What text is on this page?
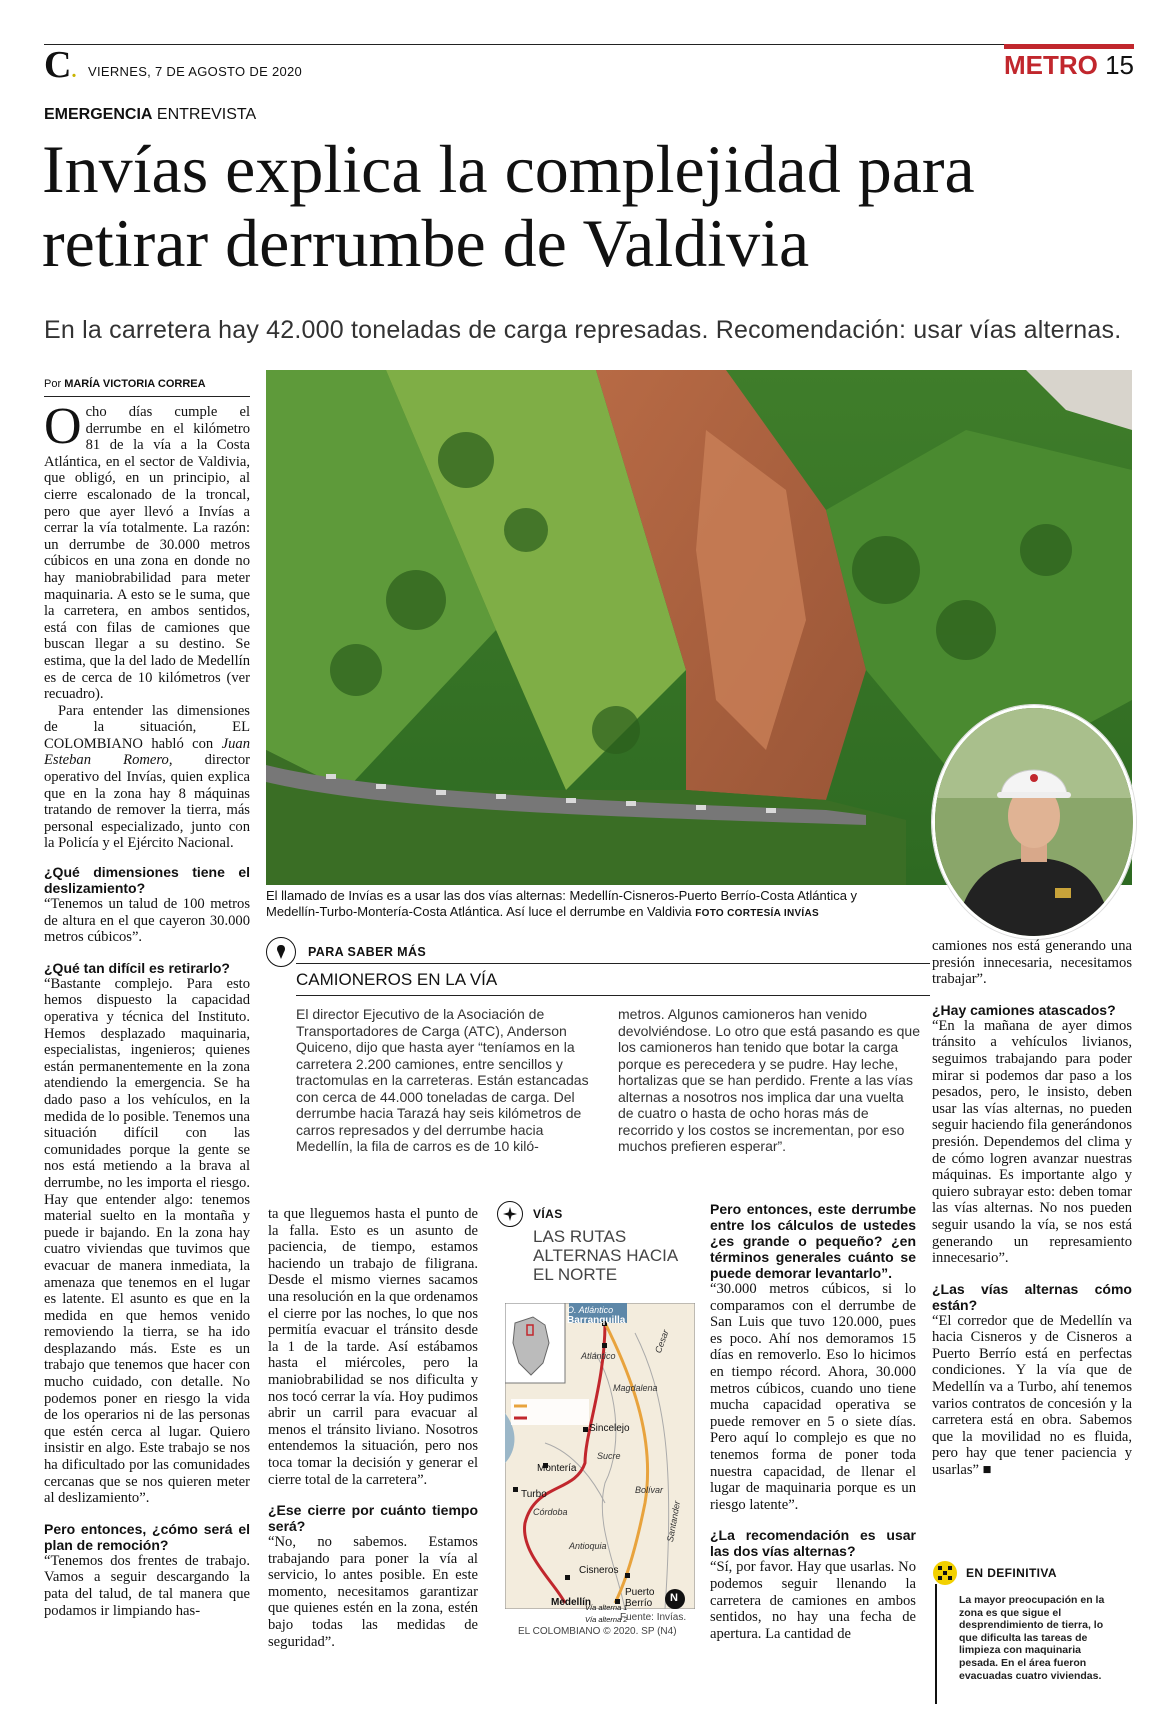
C. VIERNES, 7 DE AGOSTO DE 2020	METRO 15
EMERGENCIA ENTREVISTA
Invías explica la complejidad para retirar derrumbe de Valdivia
En la carretera hay 42.000 toneladas de carga represadas. Recomendación: usar vías alternas.
Por MARÍA VICTORIA CORREA
Ocho días cumple el derrumbe en el kilómetro 81 de la vía a la Costa Atlántica, en el sector de Valdivia, que obligó, en un principio, al cierre escalonado de la troncal, pero que ayer llevó a Invías a cerrar la vía totalmente. La razón: un derrumbe de 30.000 metros cúbicos en una zona en donde no hay maniobrabilidad para meter maquinaria. A esto se le suma, que la carretera, en ambos sentidos, está con filas de camiones que buscan llegar a su destino. Se estima, que la del lado de Medellín es de cerca de 10 kilómetros (ver recuadro).
Para entender las dimensiones de la situación, EL COLOMBIANO habló con Juan Esteban Romero, director operativo del Invías, quien explica que en la zona hay 8 máquinas tratando de remover la tierra, más personal especializado, junto con la Policía y el Ejército Nacional.
¿Qué dimensiones tiene el deslizamiento?
“Tenemos un talud de 100 metros de altura en el que cayeron 30.000 metros cúbicos”.
¿Qué tan difícil es retirarlo?
“Bastante complejo. Para esto hemos dispuesto la capacidad operativa y técnica del Instituto. Hemos desplazado maquinaria, especialistas, ingenieros; quienes están permanentemente en la zona atendiendo la emergencia. Se ha dado paso a los vehículos, en la medida de lo posible. Tenemos una situación difícil con las comunidades porque la gente se nos está metiendo a la brava al derrumbe, no les importa el riesgo. Hay que entender algo: tenemos material suelto en la montaña y puede ir bajando. En la zona hay cuatro viviendas que tuvimos que evacuar de manera inmediata, la amenaza que tenemos en el lugar es latente. El asunto es que en la medida en que hemos venido removiendo la tierra, se ha ido desplazando más. Este es un trabajo que tenemos que hacer con mucho cuidado, con detalle. No podemos poner en riesgo la vida de los operarios ni de las personas que estén cerca al lugar. Quiero insistir en algo. Este trabajo se nos ha dificultado por las comunidades cercanas que se nos quieren meter al deslizamiento”.
Pero entonces, ¿cómo será el plan de remoción?
“Tenemos dos frentes de trabajo. Vamos a seguir descargando la pata del talud, de tal manera que podamos ir limpiando has-
El llamado de Invías es a usar las dos vías alternas: Medellín-Cisneros-Puerto Berrío-Costa Atlántica y Medellín-Turbo-Montería-Costa Atlántica. Así luce el derrumbe en Valdivia FOTO CORTESÍA INVÍAS
PARA SABER MÁS
CAMIONEROS EN LA VÍA
El director Ejecutivo de la Asociación de Transportadores de Carga (ATC), Anderson Quiceno, dijo que hasta ayer “teníamos en la carretera 2.200 camiones, entre sencillos y tractomulas en la carreteras. Están estancadas con cerca de 44.000 toneladas de carga. Del derrumbe hacia Tarazá hay seis kilómetros de carros represados y del derrumbe hacia Medellín, la fila de carros es de 10 kiló-
metros. Algunos camioneros han venido devolviéndose. Lo otro que está pasando es que los camioneros han tenido que botar la carga porque es perecedera y se pudre. Hay leche, hortalizas que se han perdido. Frente a las vías alternas a nosotros nos implica dar una vuelta de cuatro o hasta de ocho horas más de recorrido y los costos se incrementan, por eso muchos prefieren esperar”.
ta que lleguemos hasta el punto de la falla. Esto es un asunto de paciencia, de tiempo, estamos haciendo un trabajo de filigrana. Desde el mismo viernes sacamos una resolución en la que ordenamos el cierre por las noches, lo que nos permitía evacuar el tránsito desde la 1 de la tarde. Así estábamos hasta el miércoles, pero la maniobrabilidad se nos dificulta y nos tocó cerrar la vía. Hoy pudimos abrir un carril para evacuar al menos el tránsito liviano. Nosotros entendemos la situación, pero nos toca tomar la decisión y generar el cierre total de la carretera”.
¿Ese cierre por cuánto tiempo será?
“No, no sabemos. Estamos trabajando para poner la vía al servicio, lo antes posible. En este momento, necesitamos garantizar que quienes estén en la zona, estén bajo todas las medidas de seguridad”.
VÍAS
LAS RUTAS ALTERNAS HACIA EL NORTE
O. Atlántico
Barranquilla
Atlántico
Magdalena
Cesar
Sincelejo
Sucre
Montería
Turbo
Córdoba
Bolívar
Antioquia
Cisneros
Santander
Puerto Berrío
Medellín	N
Vía alterna 1
Vía alterna 2
Fuente: Invías.
EL COLOMBIANO © 2020. SP (N4)
Pero entonces, este derrumbe entre los cálculos de ustedes ¿es grande o pequeño? ¿en términos generales cuánto se puede demorar levantarlo”.
“30.000 metros cúbicos, si lo comparamos con el derrumbe de San Luis que tuvo 120.000, pues es poco. Ahí nos demoramos 15 días en removerlo. Eso lo hicimos en tiempo récord. Ahora, 30.000 metros cúbicos, cuando uno tiene mucha capacidad operativa se puede remover en 5 o siete días. Pero aquí lo complejo es que no tenemos forma de poner toda nuestra capacidad, de llenar el lugar de maquinaria porque es un riesgo latente”.
¿La recomendación es usar las dos vías alternas?
“Sí, por favor. Hay que usarlas. No podemos seguir llenando la carretera de camiones en ambos sentidos, no hay una fecha de apertura. La cantidad de
camiones nos está generando una presión innecesaria, necesitamos trabajar”.
¿Hay camiones atascados?
“En la mañana de ayer dimos tránsito a vehículos livianos, seguimos trabajando para poder mirar si podemos dar paso a los pesados, pero, le insisto, deben usar las vías alternas, no pueden seguir haciendo fila generándonos presión. Dependemos del clima y de cómo logren avanzar nuestras máquinas. Es importante algo y quiero subrayar esto: deben tomar las vías alternas. No nos pueden seguir usando la vía, se nos está generando un represamiento innecesario”.
¿Las vías alternas cómo están?
“El corredor que de Medellín va hacia Cisneros y de Cisneros a Puerto Berrío está en perfectas condiciones. Y la vía que de Medellín va a Turbo, ahí tenemos varios contratos de concesión y la carretera está en obra. Sabemos que la movilidad no es fluida, pero hay que tener paciencia y usarlas” ■
EN DEFINITIVA
La mayor preocupación en la zona es que sigue el desprendimiento de tierra, lo que dificulta las tareas de limpieza con maquinaria pesada. En el área fueron evacuadas cuatro viviendas.
